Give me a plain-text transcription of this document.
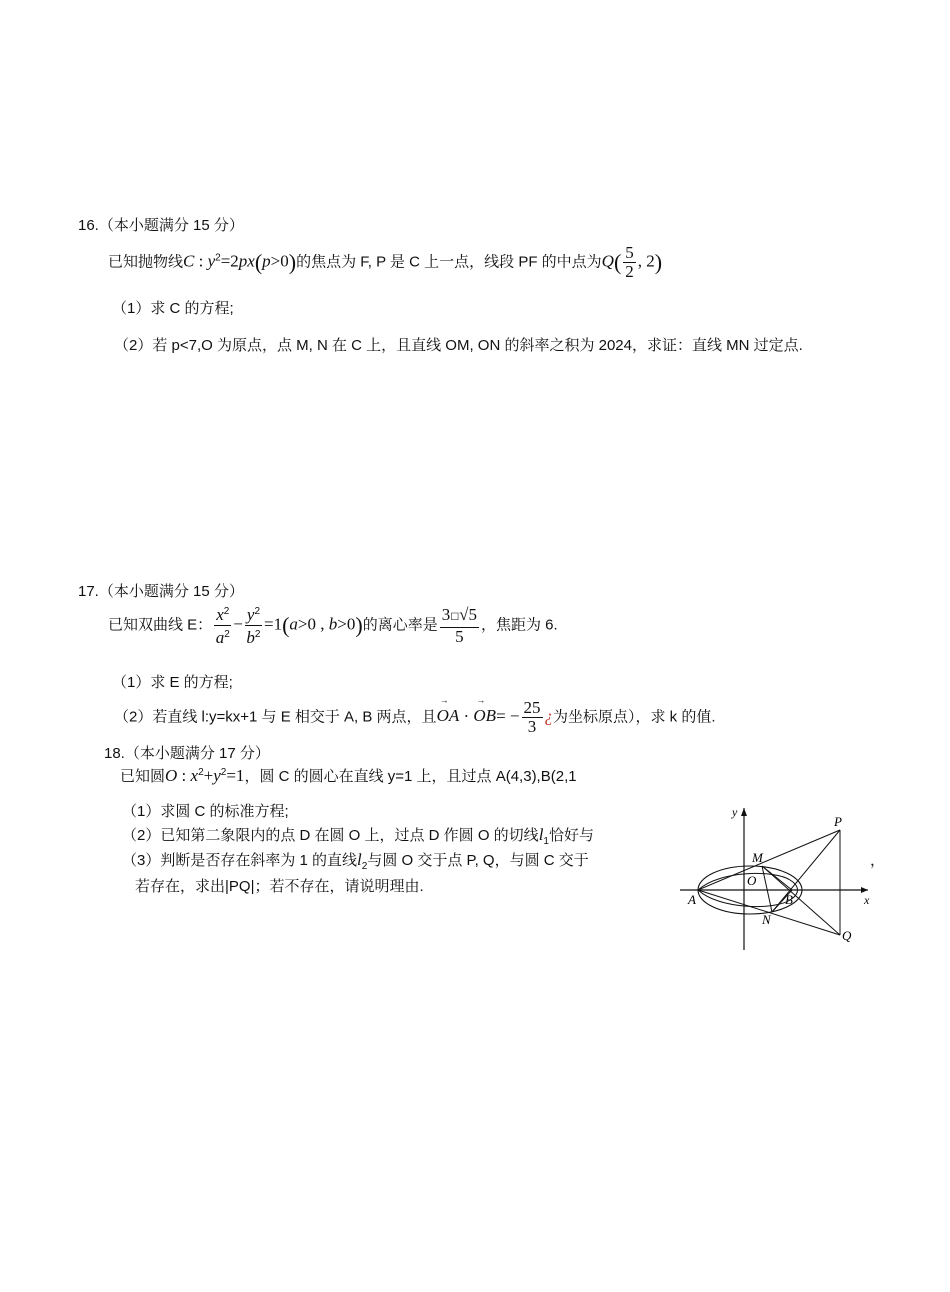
16.（本小题满分 15 分）
已知抛物线C : $y^2=2px(p>0)$的焦点为 F, P 是 C 上一点，线段 PF 的中点为$Q( \frac{5}{2}$ , 2)
（1）求 C 的方程;
（2）若 p<7,O 为原点，点 M, N 在 C 上，且直线 OM, ON 的斜率之积为 2024，求证：直线 MN 过定点.
17.（本小题满分 15 分）
已知双曲线 E： $\frac{x^2}{a^2} - \frac{y^2}{b^2} =1(a>0$ , b>0)的离心率是 $\frac{3☐√5}{5}$ ，焦距为 6.
（1）求 E 的方程;
（2）若直线 l:y=kx+1 与 E 相交于 A, B 两点，且→ OA · → $OB= - \frac{25}{3}$ ¿为坐标原点），求 k 的值.
18.（本小题满分 17 分）
已知圆O : $x^2+y^2=1$，圆 C 的圆心在直线 y=1 上，且过点 A(4,3),B(2,1
（1）求圆 C 的标准方程;
（2）已知第二象限内的点 D 在圆 O 上，过点 D 作圆 O 的切线$l_1$恰好与
（3）判断是否存在斜率为 1 的直线$l_2$与圆 O 交于点 P, Q，与圆 C 交于	，
若存在，求出|PQ|；若不存在，请说明理由.
y
x
P
M
O
A	B
N
Q
